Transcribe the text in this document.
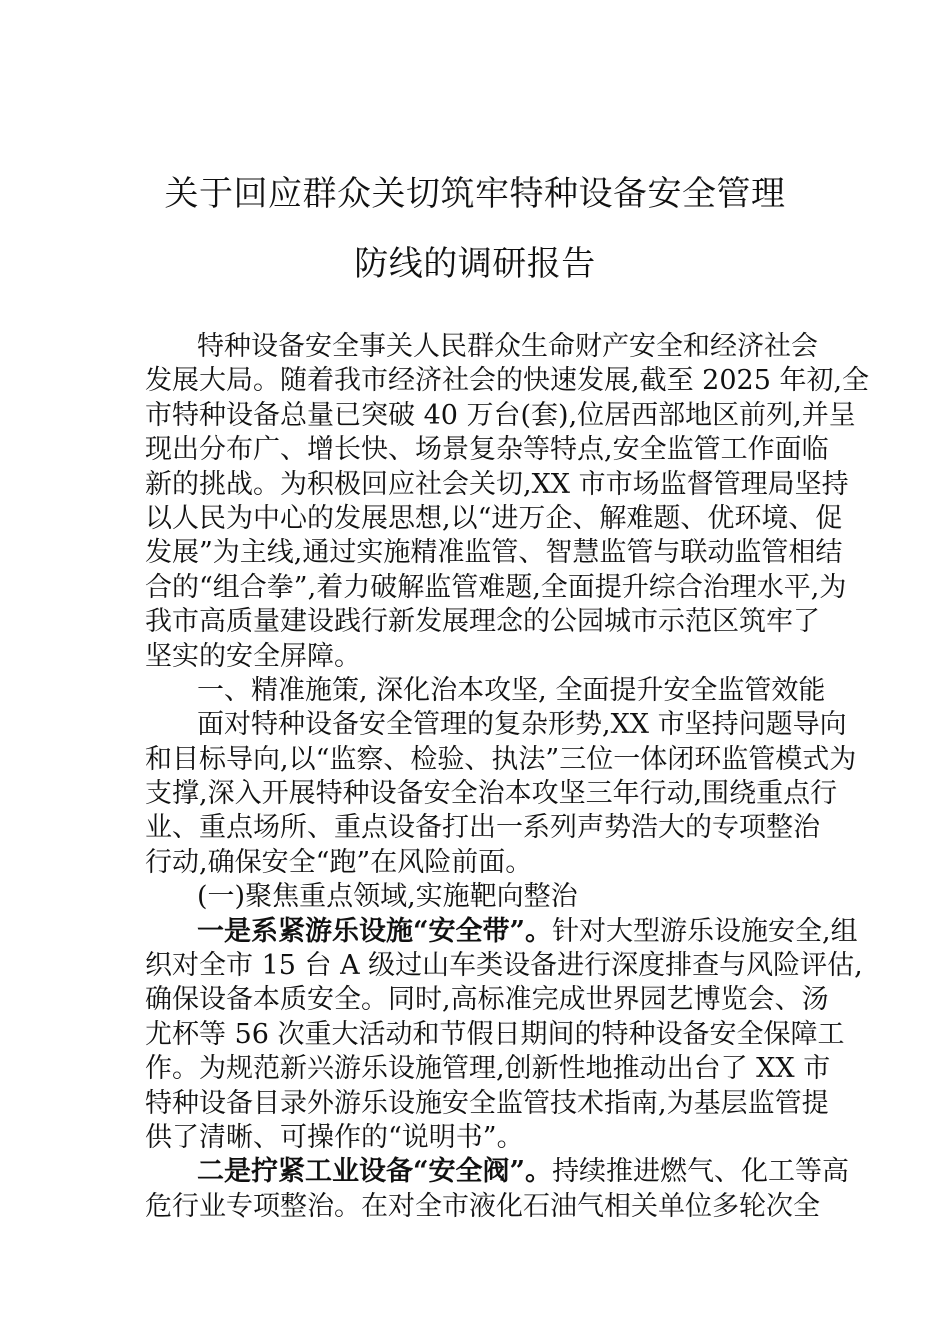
关于回应群众关切筑牢特种设备安全管理
防线的调研报告
特种设备安全事关人民群众生命财产安全和经济社会
发展大局。随着我市经济社会的快速发展,截至 2025 年初,全
市特种设备总量已突破 40 万台(套),位居西部地区前列,并呈
现出分布广、增长快、场景复杂等特点,安全监管工作面临
新的挑战。为积极回应社会关切,XX 市市场监督管理局坚持
以人民为中心的发展思想,以“进万企、解难题、优环境、促
发展”为主线,通过实施精准监管、智慧监管与联动监管相结
合的“组合拳”,着力破解监管难题,全面提升综合治理水平,为
我市高质量建设践行新发展理念的公园城市示范区筑牢了
坚实的安全屏障。
一、精准施策, 深化治本攻坚, 全面提升安全监管效能
面对特种设备安全管理的复杂形势,XX 市坚持问题导向
和目标导向,以“监察、检验、执法”三位一体闭环监管模式为
支撑,深入开展特种设备安全治本攻坚三年行动,围绕重点行
业、重点场所、重点设备打出一系列声势浩大的专项整治
行动,确保安全“跑”在风险前面。
(一)聚焦重点领域,实施靶向整治
一是系紧游乐设施“安全带”。针对大型游乐设施安全,组
织对全市 15 台 A 级过山车类设备进行深度排查与风险评估,
确保设备本质安全。同时,高标准完成世界园艺博览会、汤
尤杯等 56 次重大活动和节假日期间的特种设备安全保障工
作。为规范新兴游乐设施管理,创新性地推动出台了 XX 市
特种设备目录外游乐设施安全监管技术指南,为基层监管提
供了清晰、可操作的“说明书”。
二是拧紧工业设备“安全阀”。持续推进燃气、化工等高
危行业专项整治。在对全市液化石油气相关单位多轮次全
